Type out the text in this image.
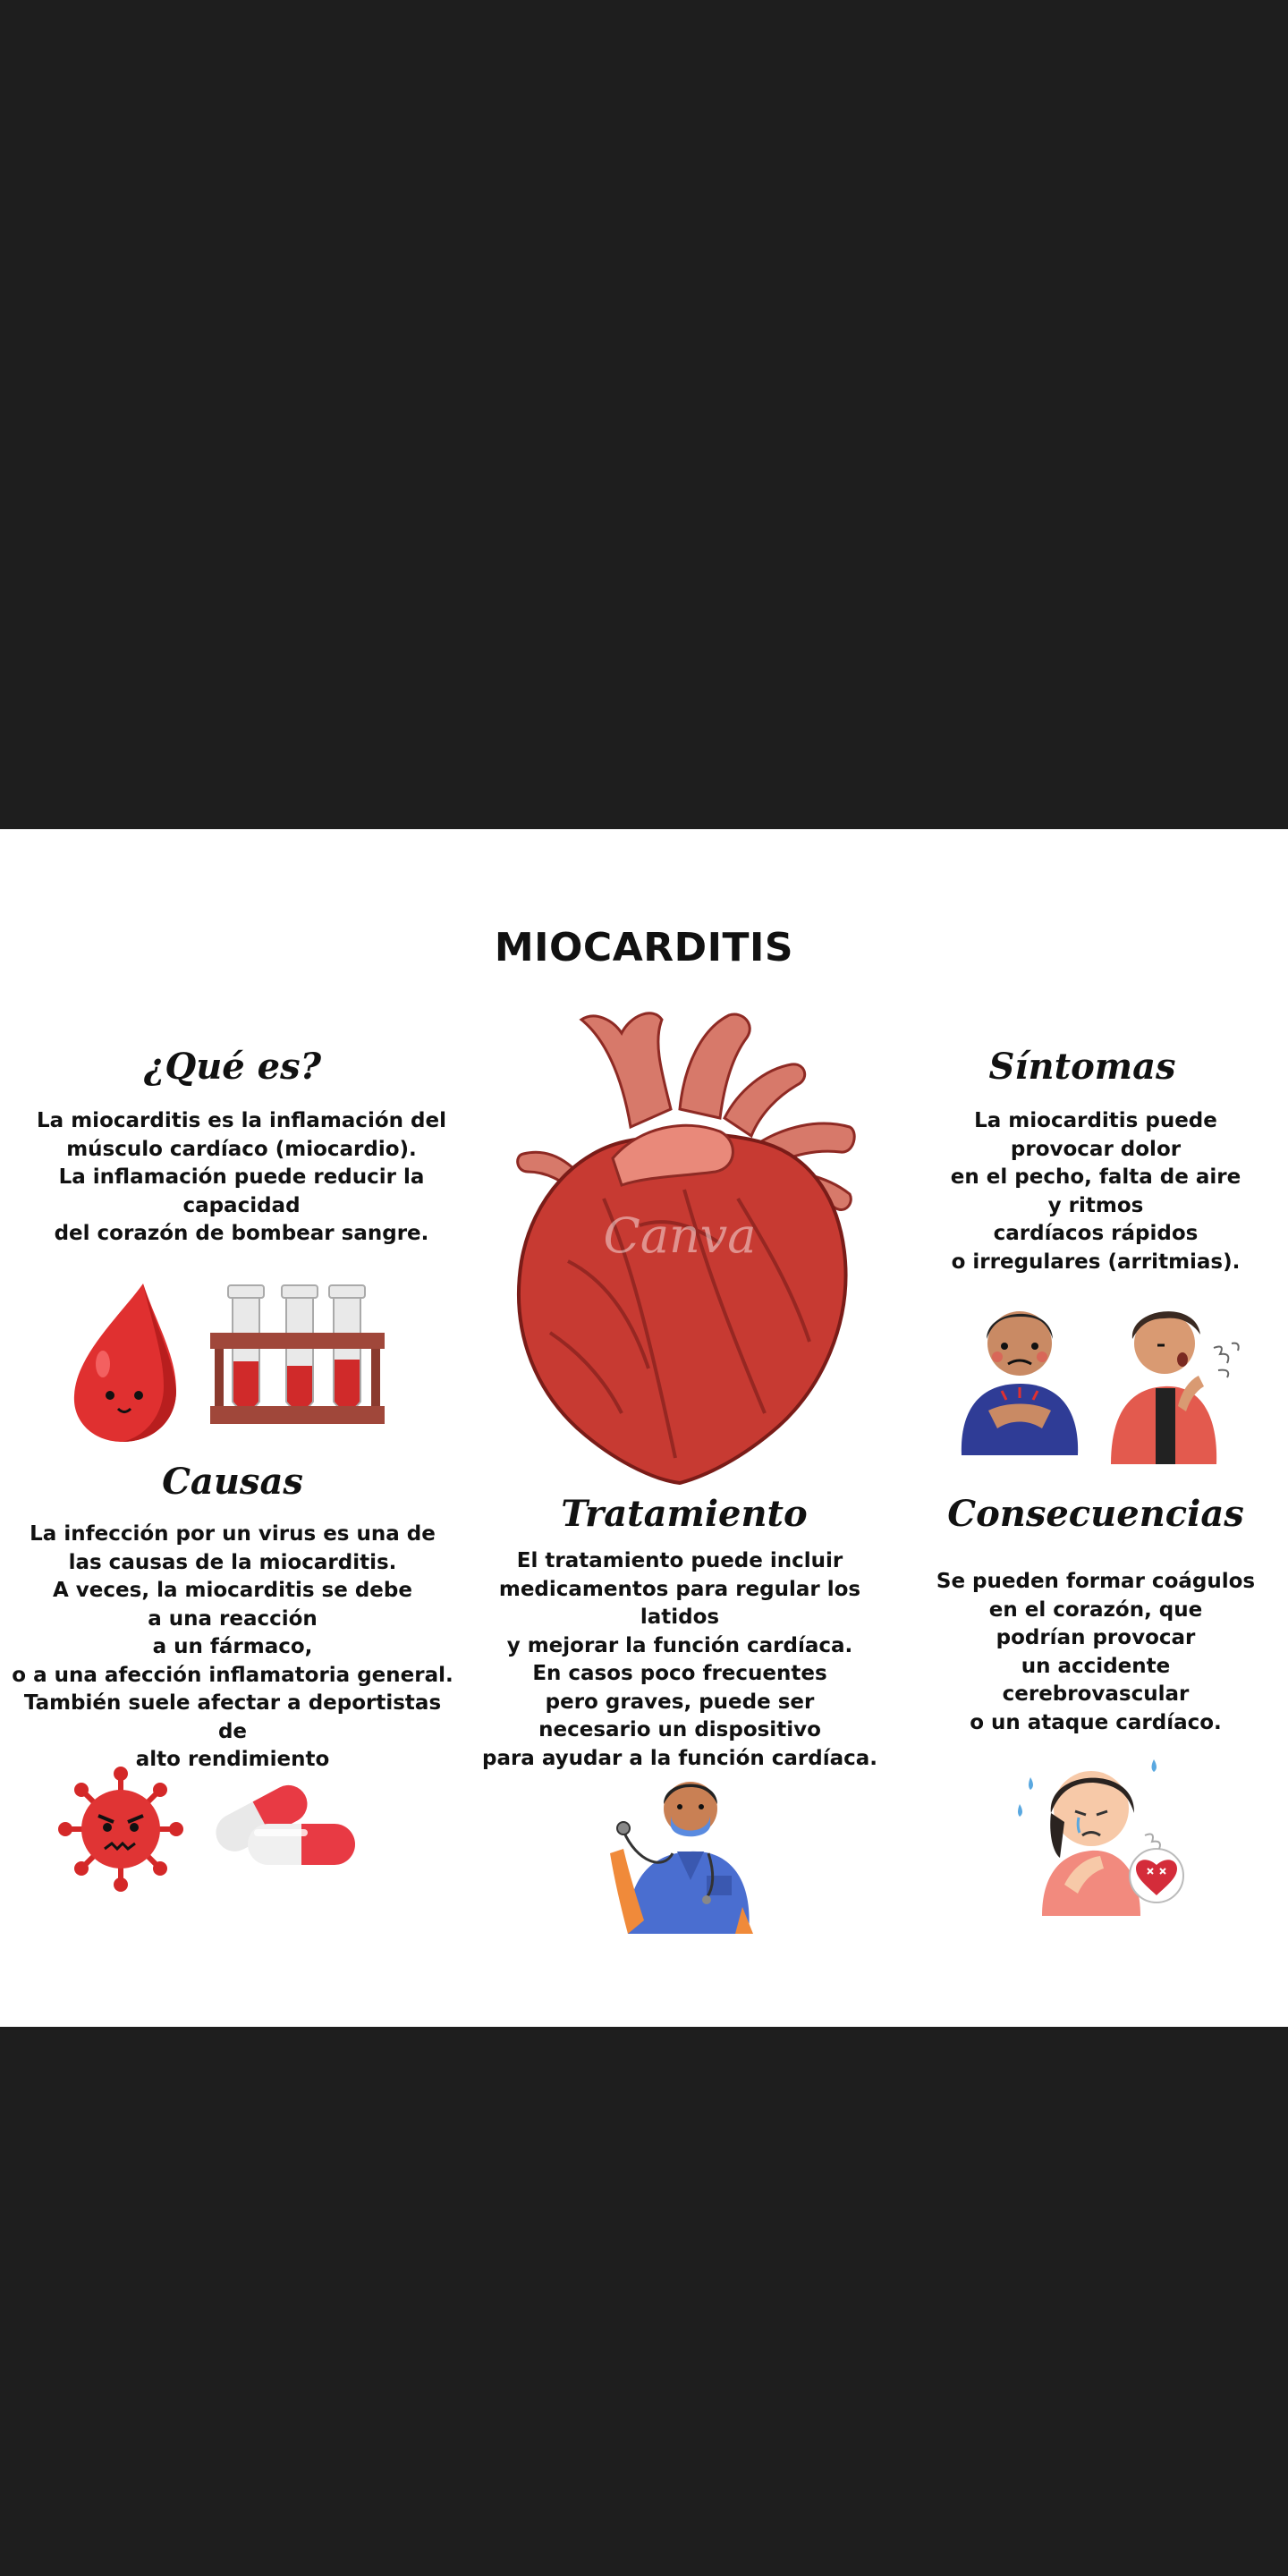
MIOCARDITIS
¿Qué es?
La miocarditis es la inflamación del
músculo cardíaco (miocardio).
La inflamación puede reducir la
capacidad
del corazón de bombear sangre.
Síntomas
La miocarditis puede
provocar dolor
en el pecho, falta de aire
y ritmos
cardíacos rápidos
o irregulares (arritmias).
Causas
La infección por un virus es una de
las causas de la miocarditis.
A veces, la miocarditis se debe
a una reacción
a un fármaco,
o a una afección inflamatoria general.
También suele afectar a deportistas de
alto rendimiento
Tratamiento
El tratamiento puede incluir
medicamentos para regular los latidos
y mejorar la función cardíaca.
En casos poco frecuentes
pero graves, puede ser
necesario un dispositivo
para ayudar a la función cardíaca.
Consecuencias
Se pueden formar coágulos
en el corazón, que
podrían provocar
un accidente
cerebrovascular
o un ataque cardíaco.
Canva
